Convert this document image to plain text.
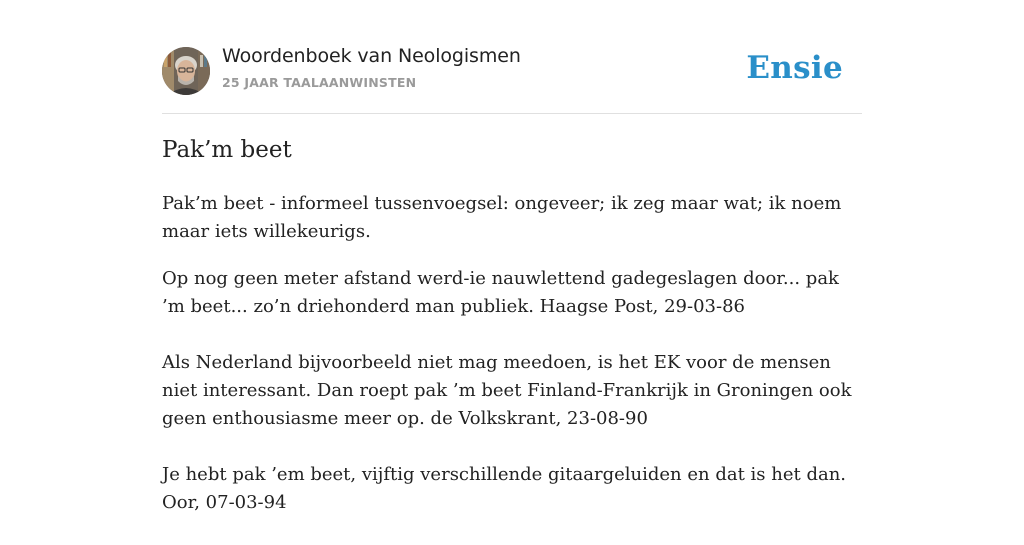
Woordenboek van Neologismen
25 JAAR TAALAANWINSTEN	Ensie
Pak’m beet

Pak’m beet - informeel tussenvoegsel: ongeveer; ik zeg maar wat; ik noem maar iets willekeurigs.

Op nog geen meter afstand werd-ie nauwlettend gadegeslagen door... pak ’m beet... zo’n driehonderd man publiek. Haagse Post, 29-03-86

Als Nederland bijvoorbeeld niet mag meedoen, is het EK voor de mensen niet interessant. Dan roept pak ’m beet Finland-Frankrijk in Groningen ook geen enthousiasme meer op. de Volkskrant, 23-08-90

Je hebt pak ’em beet, vijftig verschillende gitaargeluiden en dat is het dan. Oor, 07-03-94
